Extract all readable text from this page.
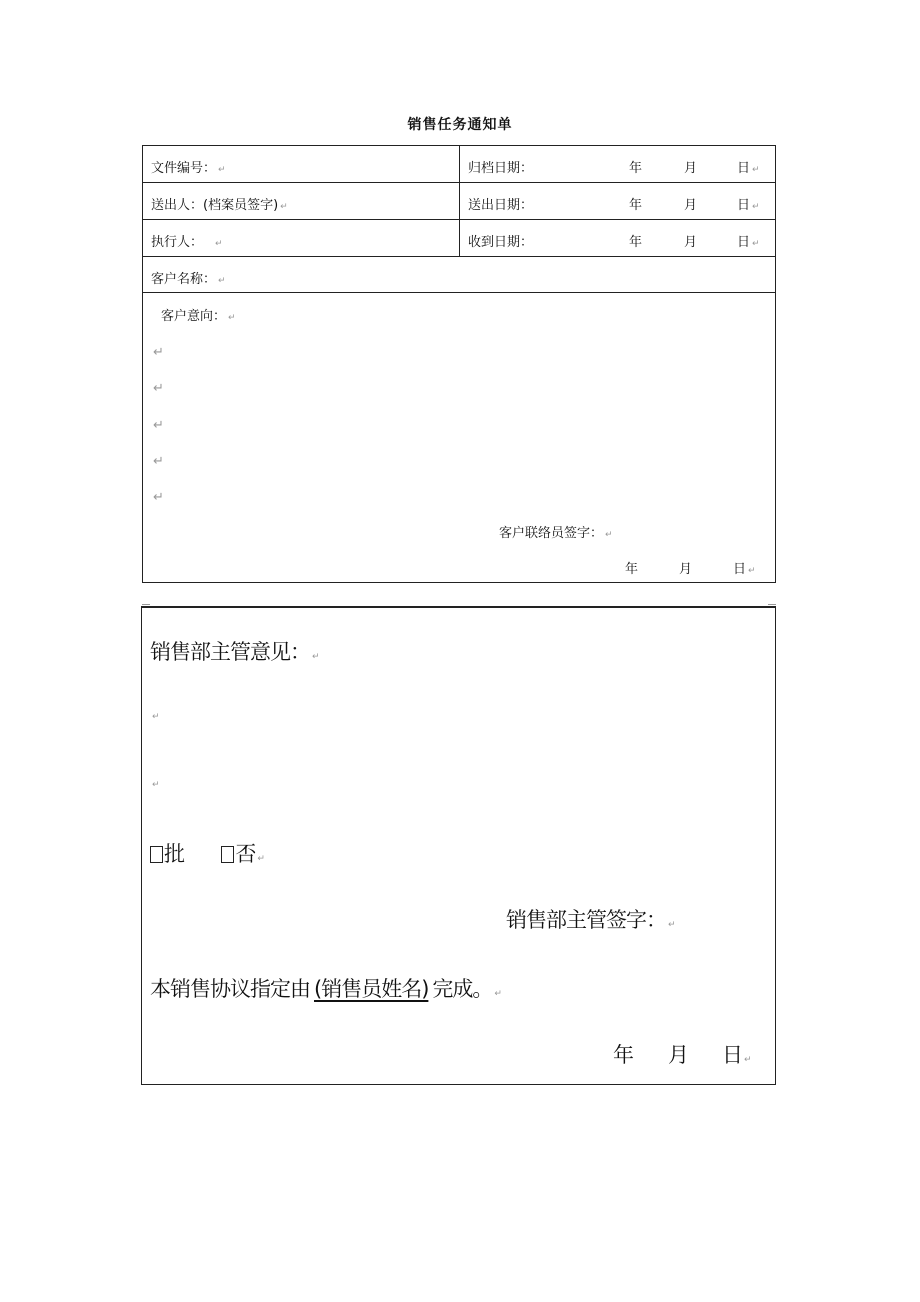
销售任务通知单
文件编号： ↵	归档日期：	年	月	日 ↵
送出人：(档案员签字) ↵	送出日期：	年	月	日 ↵
执行人： ↵	收到日期：	年	月	日 ↵
客户名称： ↵
客户意向： ↵
↵
↵
↵
↵
↵
客户联络员签字： ↵
年	月	日 ↵
销售部主管意见： ↵
↵
↵
批 否 ↵
销售部主管签字： ↵
本销售协议指定由 (销售员姓名) 完成。 ↵
年 月 日 ↵
